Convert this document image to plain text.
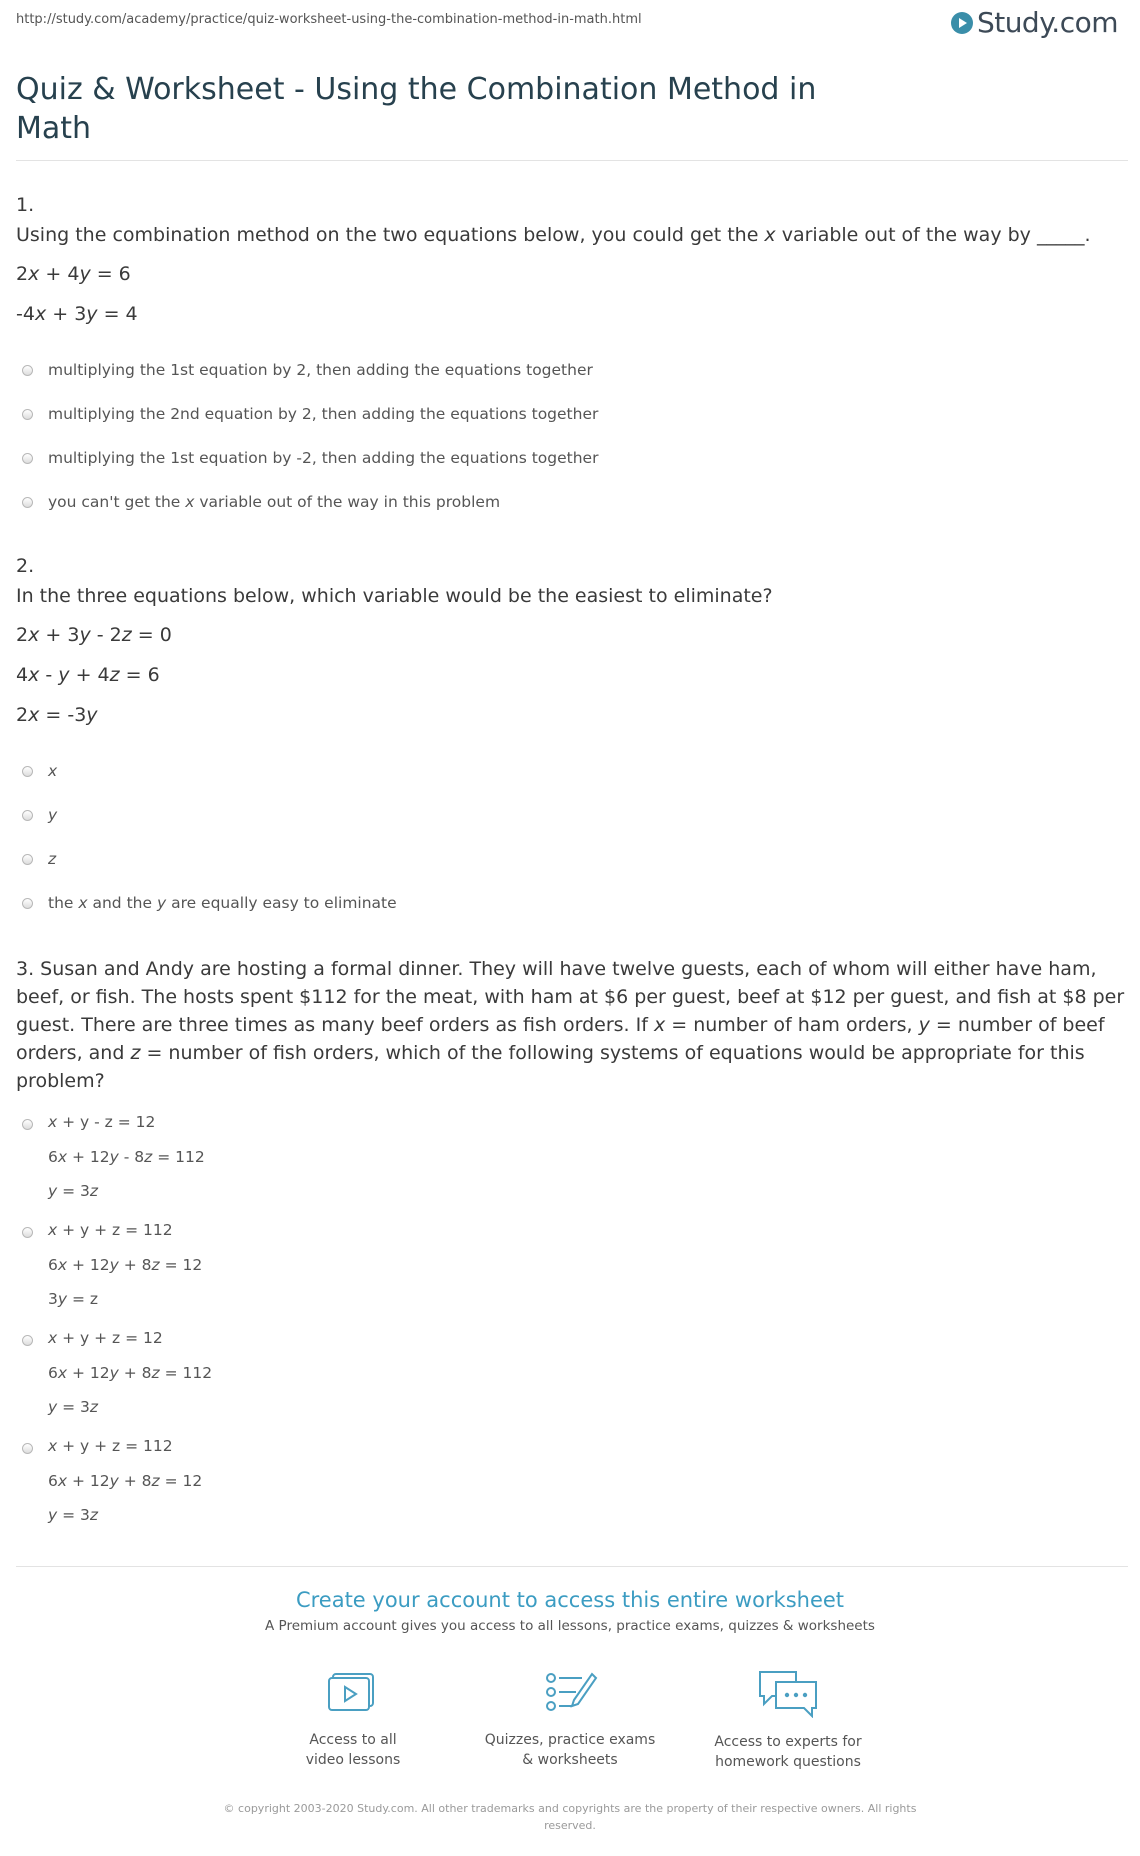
http://study.com/academy/practice/quiz-worksheet-using-the-combination-method-in-math.html	Study.com
Quiz & Worksheet - Using the Combination Method in Math
1.
Using the combination method on the two equations below, you could get the x variable out of the way by _____.
2x + 4y = 6
-4x + 3y = 4
multiplying the 1st equation by 2, then adding the equations together
multiplying the 2nd equation by 2, then adding the equations together
multiplying the 1st equation by -2, then adding the equations together
you can't get the x variable out of the way in this problem
2.
In the three equations below, which variable would be the easiest to eliminate?
2x + 3y - 2z = 0
4x - y + 4z = 6
2x = -3y
x
y
z
the x and the y are equally easy to eliminate
3. Susan and Andy are hosting a formal dinner. They will have twelve guests, each of whom will either have ham, beef, or fish. The hosts spent $112 for the meat, with ham at $6 per guest, beef at $12 per guest, and fish at $8 per guest. There are three times as many beef orders as fish orders. If x = number of ham orders, y = number of beef orders, and z = number of fish orders, which of the following systems of equations would be appropriate for this problem?
x + y - z = 12
6x + 12y - 8z = 112
y = 3z
x + y + z = 112
6x + 12y + 8z = 12
3y = z
x + y + z = 12
6x + 12y + 8z = 112
y = 3z
x + y + z = 112
6x + 12y + 8z = 12
y = 3z
Create your account to access this entire worksheet
A Premium account gives you access to all lessons, practice exams, quizzes & worksheets
Access to all
video lessons
Quizzes, practice exams
& worksheets
Access to experts for
homework questions
© copyright 2003-2020 Study.com. All other trademarks and copyrights are the property of their respective owners. All rights reserved.
